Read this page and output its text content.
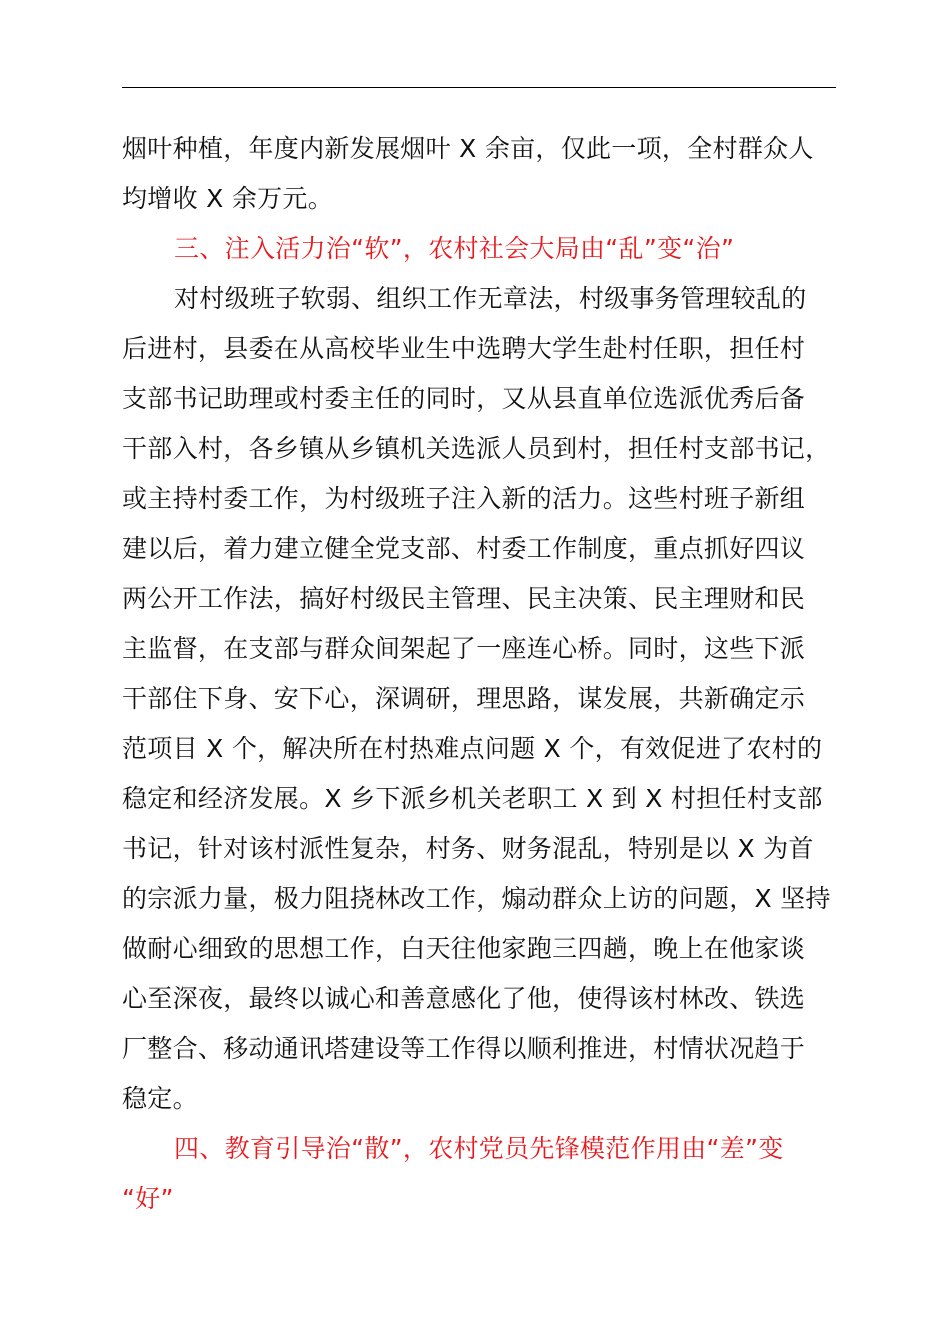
烟叶种植，年度内新发展烟叶 X 余亩，仅此一项，全村群众人
均增收 X 余万元。
三、注入活力治“软”，农村社会大局由“乱”变“治”
对村级班子软弱、组织工作无章法，村级事务管理较乱的
后进村，县委在从高校毕业生中选聘大学生赴村任职，担任村
支部书记助理或村委主任的同时，又从县直单位选派优秀后备
干部入村，各乡镇从乡镇机关选派人员到村，担任村支部书记，
或主持村委工作，为村级班子注入新的活力。这些村班子新组
建以后，着力建立健全党支部、村委工作制度，重点抓好四议
两公开工作法，搞好村级民主管理、民主决策、民主理财和民
主监督，在支部与群众间架起了一座连心桥。同时，这些下派
干部住下身、安下心，深调研，理思路，谋发展，共新确定示
范项目 X 个，解决所在村热难点问题 X 个，有效促进了农村的
稳定和经济发展。X 乡下派乡机关老职工 X 到 X 村担任村支部
书记，针对该村派性复杂，村务、财务混乱，特别是以 X 为首
的宗派力量，极力阻挠林改工作，煽动群众上访的问题，X 坚持
做耐心细致的思想工作，白天往他家跑三四趟，晚上在他家谈
心至深夜，最终以诚心和善意感化了他，使得该村林改、铁选
厂整合、移动通讯塔建设等工作得以顺利推进，村情状况趋于
稳定。
四、教育引导治“散”，农村党员先锋模范作用由“差”变
“好”
